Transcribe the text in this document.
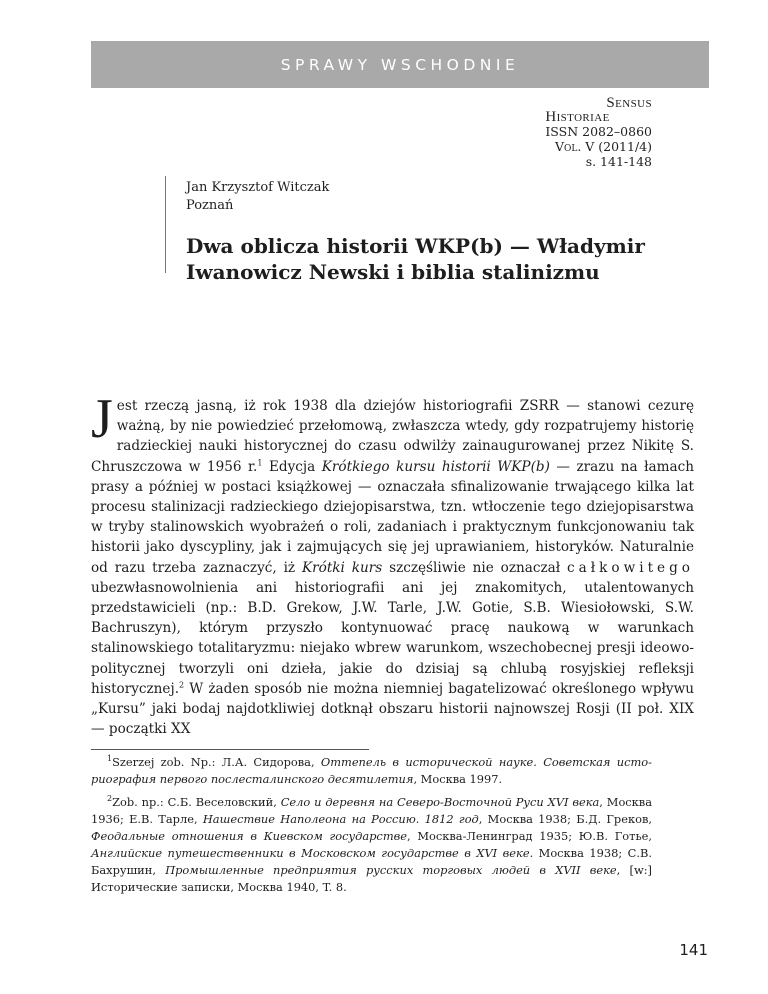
SPRAWY WSCHODNIE
Sensus
Historiae
ISSN 2082–0860
Vol. V (2011/4)
s. 141-148
Jan Krzysztof Witczak
Poznań
Dwa oblicza historii WKP(b) — Władymir Iwanowicz Newski i biblia stalinizmu

Jest rzeczą jasną, iż rok 1938 dla dziejów historiografii ZSRR — stanowi cezurę ważną, by nie powiedzieć przełomową, zwłaszcza wtedy, gdy rozpatrujemy historię radzieckiej nauki historycznej do czasu odwilży zainaugurowanej przez Nikitę S. Chruszczowa w 1956 r.$^1$ Edycja Krótkiego kursu historii WKP(b) — zrazu na łamach prasy a później w postaci książkowej — oznaczała sfinalizowanie trwającego kilka lat procesu stalinizacji radzieckiego dziejopisarstwa, tzn. wtłoczenie tego dziejopisarstwa w tryby stalinowskich wyobrażeń o roli, zadaniach i praktycznym funkcjonowaniu tak historii jako dyscypliny, jak i zajmujących się jej uprawianiem, historyków. Naturalnie od razu trzeba zaznaczyć, iż Krótki kurs szczęśliwie nie oznaczał całkowitego ubezwłasnowolnienia ani historiografii ani jej znakomitych, utalentowanych przedstawicieli (np.: B.D. Grekow, J.W. Tarle, J.W. Gotie, S.B. Wiesiołowski, S.W. Bachruszyn), którym przyszło kontynuować pracę naukową w warunkach stalinowskiego totalitaryzmu: niejako wbrew warunkom, wszechobecnej presji ideowo-politycznej tworzyli oni dzieła, jakie do dzisiaj są chlubą rosyjskiej refleksji historycznej.$^2$ W żaden sposób nie można niemniej bagatelizować określonego wpływu „Kursu” jaki bodaj najdotkliwiej dotknął obszaru historii najnowszej Rosji (II poł. XIX — początki XX

$^1$Szerzej zob. Np.: Л.А. Сидорова, Оттепель в исторической науке. Советская историография первого послесталинского десятилетия, Москва 1997.

$^2$Zob. np.: С.Б. Веселовский, Село и деревня на Северо-Восточной Руси XVI века, Москва 1936; Е.В. Тарле, Нашествие Наполеона на Россию. 1812 год, Москва 1938; Б.Д. Греков, Феодальные отношения в Киевском государстве, Москва-Ленинград 1935; Ю.В. Готье, Английские путешественники в Московском государстве в XVI веке. Москва 1938; С.В. Бахрушин, Промышленные предприятия русских торговых людей в XVII веке, [w:] Исторические записки, Москва 1940, T. 8.

141
